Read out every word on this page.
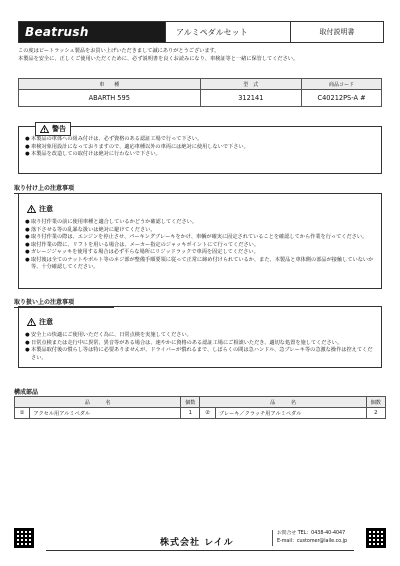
Beatrush	アルミペダルセット	取付説明書
この度はビートラッシュ製品をお買い上げいただきまして誠にありがとうございます。
本製品を安全に、正しくご使用いただくために、必ず説明書を良くお読みになり、車検証等と一緒に保管してください。
車　　種	型　式	商品コード
ABARTH 595	312141	C40212PS-A #
警告
● 本製品の車体への組み付けは、必ず資格のある認証工場で行って下さい。
● 車検対象用設計になっておりますので、適応車種以外の車両には絶対に使用しないで下さい。
● 本製品を改造しての取付けは絶対に行わないで下さい。
取り付け上の注意事項
注意
● 取り付作業の前に使用車種と適合しているかどうか確認してください。
● 落下させる等の乱暴な扱いは絶対に避けてください。
● 取り付作業の際は、エンジンを停止させ、パーキングブレーキをかけ、車輌が確実に固定されていることを確認してから作業を行ってください。
● 取付作業の際に、リフトを用いる場合は、メーカー指定のジャッキポイントにて行ってください。
● ガレージジャッキを使用する場合は必ず平らな場所にリジッドラックで車両を固定してください。
● 取付後は全てのナットやボルト等のネジ部が整備手順要領に従って正常に締め付けられているか、また、本製品と車体側の部品が接触していないか等、十分確認してください。
取り扱い上の注意事項
注意
● 安全上の快適にご使用いただく為に、日常点検を実施してください。
● 日常点検または走行中に異常、異音等がある場合は、速やかに資格のある認証工場にご相談いただき、適切な処置を施してください。
● 本製品取付後の慣らし等は特に必要ありませんが、ドライバーが慣れるまで、しばらくの間は急ハンドル、急ブレーキ等の急激な操作は控えてください。
構成部品
品　　　名		個数	品　　　名		個数
①	アクセル用アルミペダル	1	②	ブレーキ／クラッチ用アルミペダル	2
株式会社 レイル
お問合せ TEL：0438-40-4047
E-mail：customer@laile.co.jp
